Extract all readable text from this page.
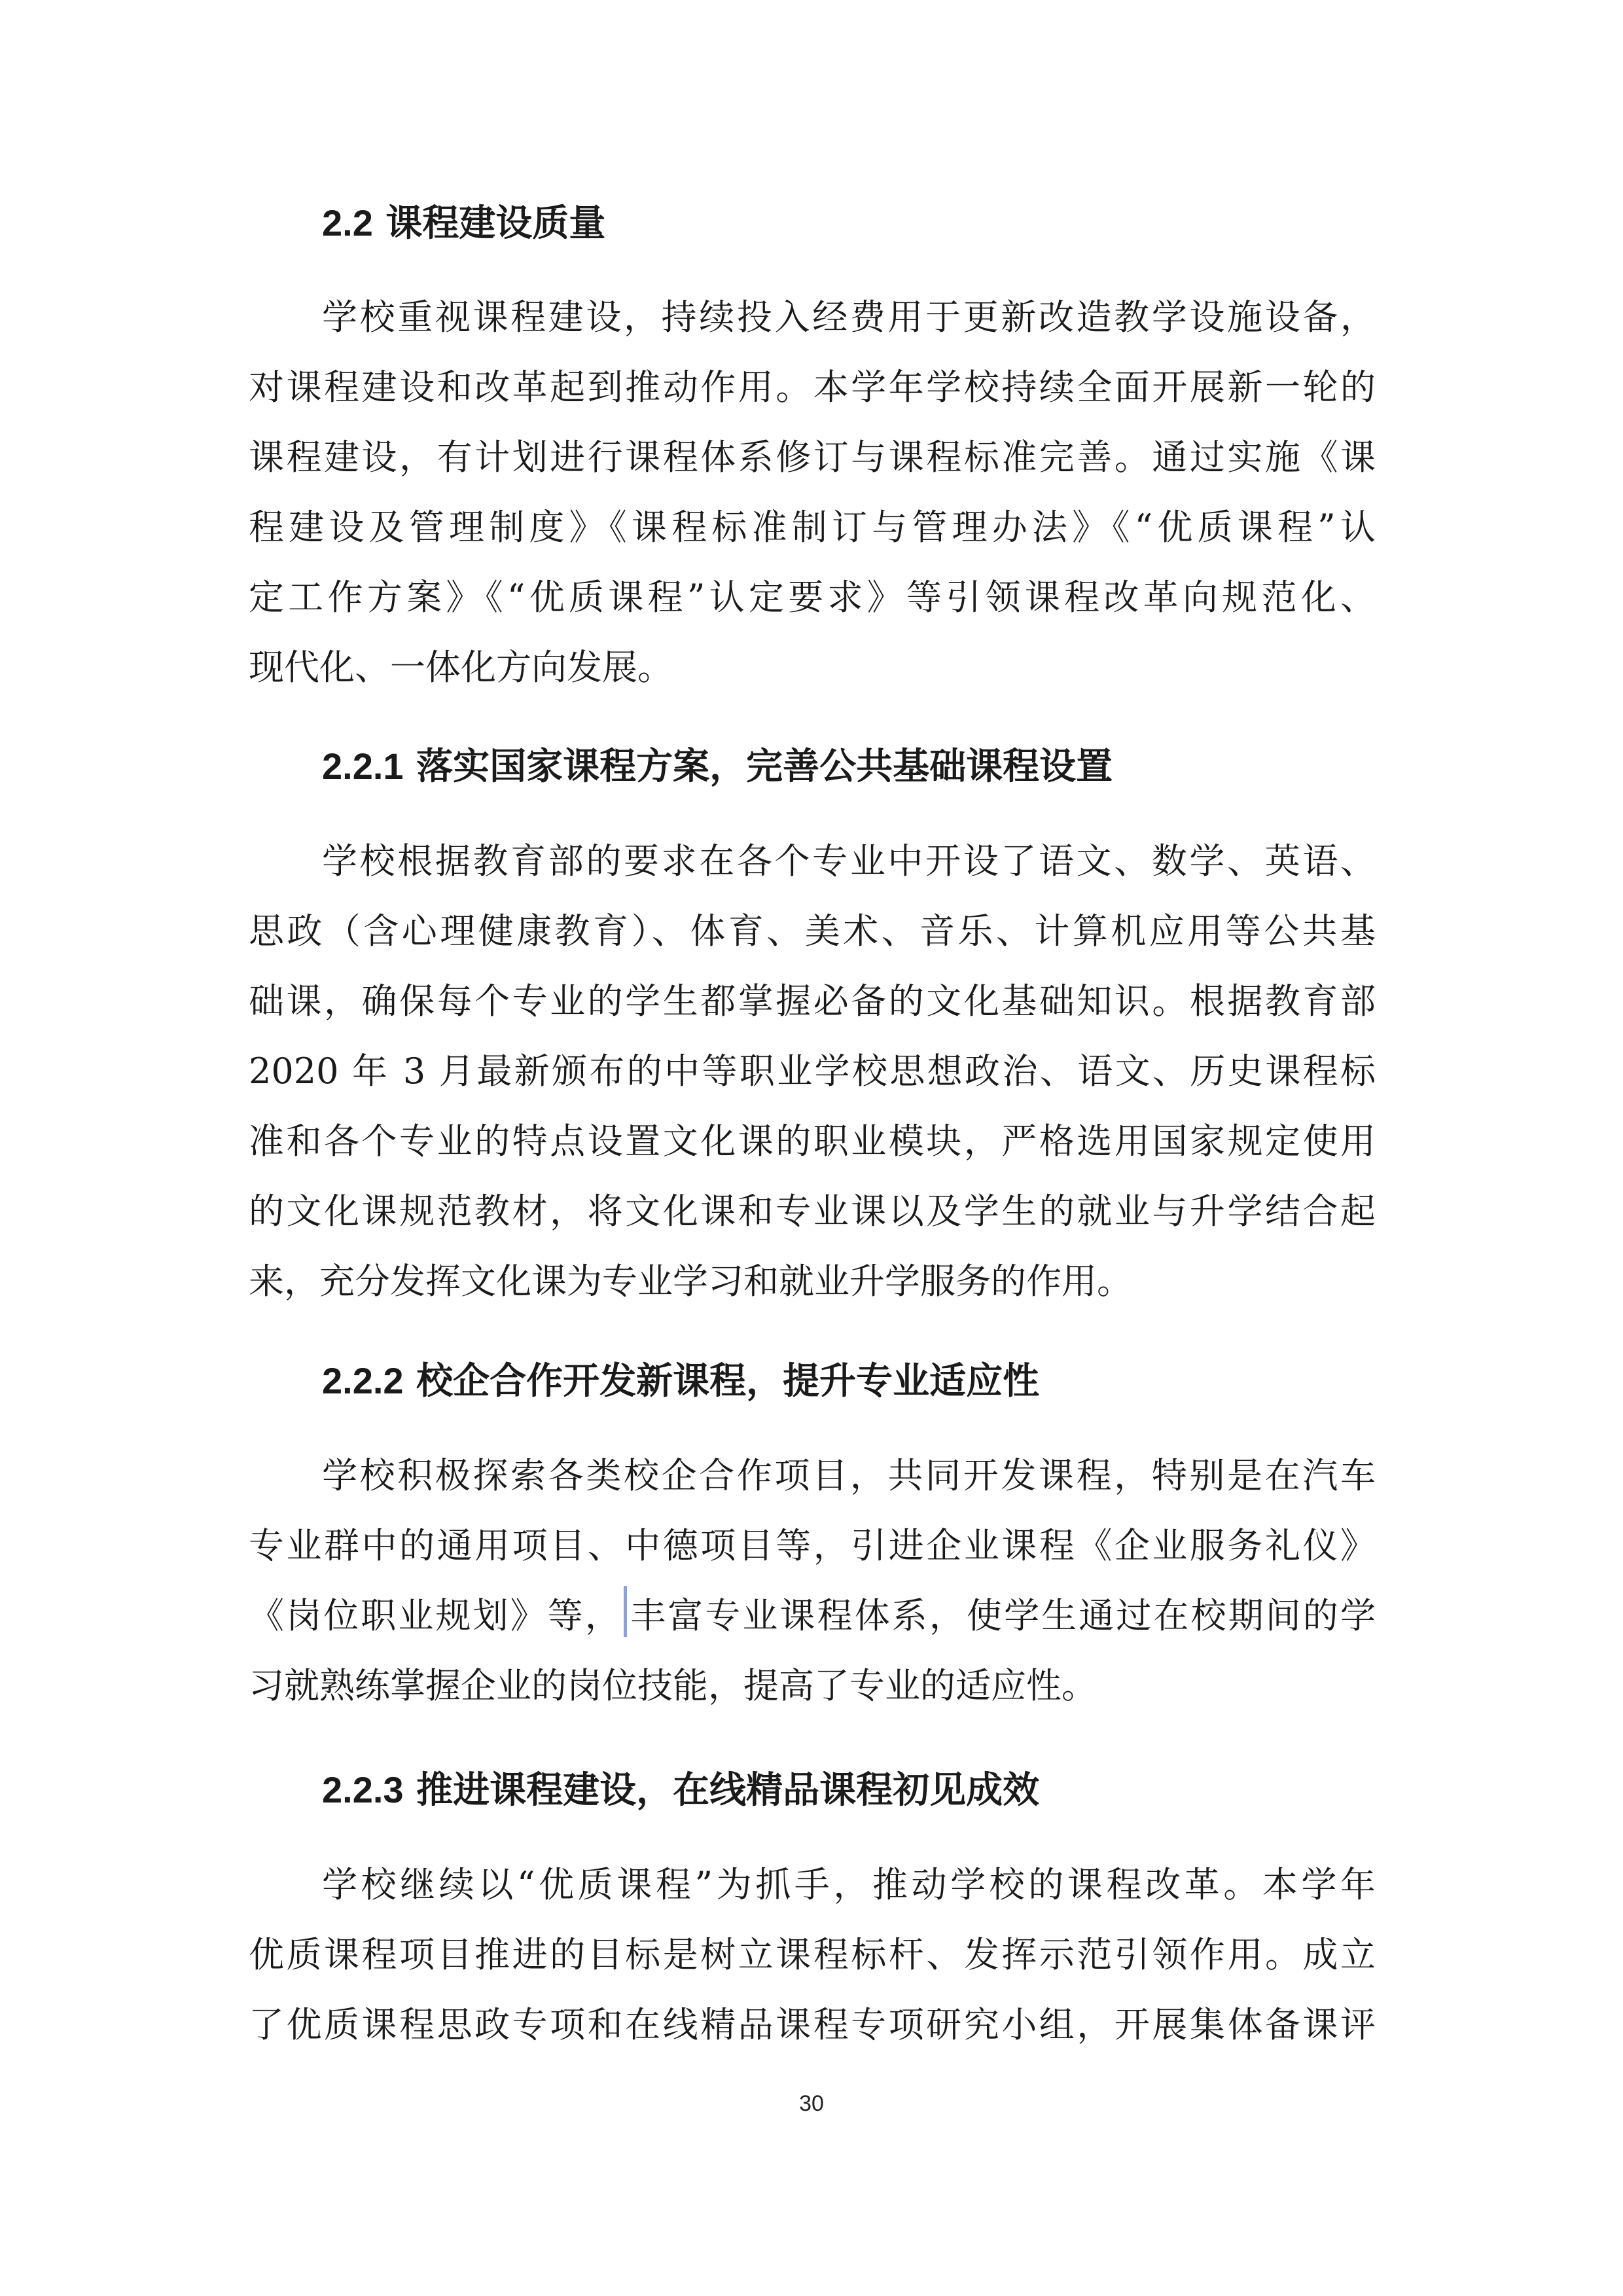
2.2 课程建设质量
学校重视课程建设，持续投入经费用于更新改造教学设施设备，
对课程建设和改革起到推动作用。本学年学校持续全面开展新一轮的
课程建设，有计划进行课程体系修订与课程标准完善。通过实施《课
程建设及管理制度》《课程标准制订与管理办法》《“优质课程”认
定工作方案》《“优质课程”认定要求》等引领课程改革向规范化、
现代化、一体化方向发展。
2.2.1 落实国家课程方案，完善公共基础课程设置
学校根据教育部的要求在各个专业中开设了语文、数学、英语、
思政（含心理健康教育）、体育、美术、音乐、计算机应用等公共基
础课，确保每个专业的学生都掌握必备的文化基础知识。根据教育部
2020 年 3 月最新颁布的中等职业学校思想政治、语文、历史课程标
准和各个专业的特点设置文化课的职业模块，严格选用国家规定使用
的文化课规范教材，将文化课和专业课以及学生的就业与升学结合起
来，充分发挥文化课为专业学习和就业升学服务的作用。
2.2.2 校企合作开发新课程，提升专业适应性
学校积极探索各类校企合作项目，共同开发课程，特别是在汽车
专业群中的通用项目、中德项目等，引进企业课程《企业服务礼仪》
《岗位职业规划》等， 丰富专业课程体系，使学生通过在校期间的学
习就熟练掌握企业的岗位技能，提高了专业的适应性。
2.2.3 推进课程建设，在线精品课程初见成效
学校继续以“优质课程”为抓手，推动学校的课程改革。本学年
优质课程项目推进的目标是树立课程标杆、发挥示范引领作用。成立
了优质课程思政专项和在线精品课程专项研究小组，开展集体备课评
30
